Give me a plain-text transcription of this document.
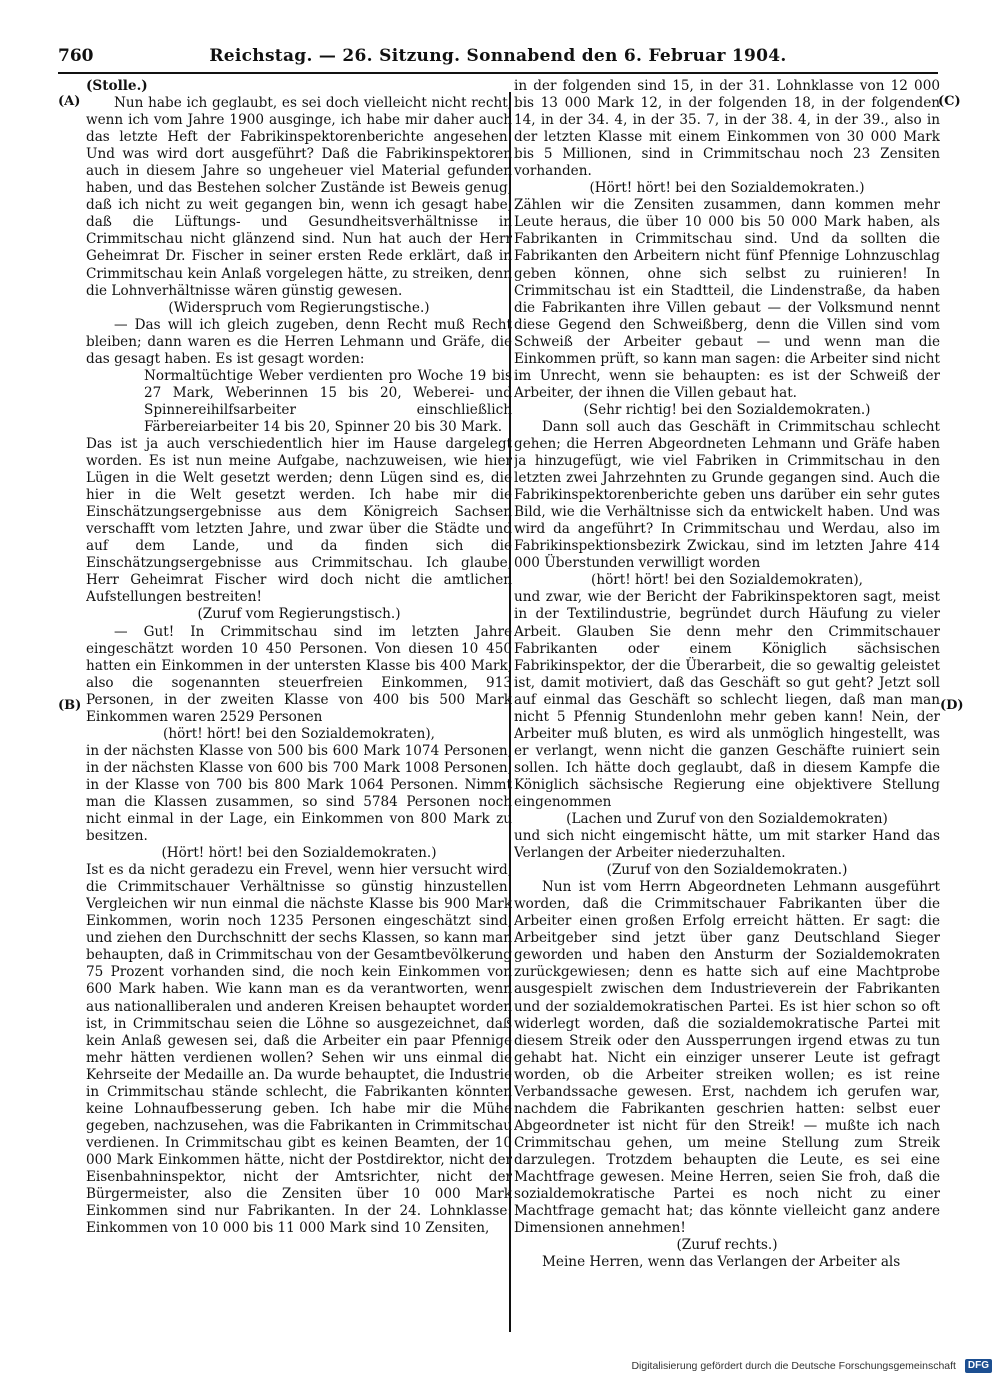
760	Reichstag. — 26. Sitzung. Sonnabend den 6. Februar 1904.
(A)
(B)
(C)
(D)

(Stolle.)

Nun habe ich geglaubt, es sei doch vielleicht nicht recht, wenn ich vom Jahre 1900 ausginge, ich habe mir daher auch das letzte Heft der Fabrikinspektorenberichte angesehen. Und was wird dort ausgeführt? Daß die Fabrikinspektoren auch in diesem Jahre so ungeheuer viel Material gefunden haben, und das Bestehen solcher Zustände ist Beweis genug, daß ich nicht zu weit gegangen bin, wenn ich gesagt habe, daß die Lüftungs- und Gesundheitsverhältnisse in Crimmitschau nicht glänzend sind. Nun hat auch der Herr Geheimrat Dr. Fischer in seiner ersten Rede erklärt, daß in Crimmitschau kein Anlaß vorgelegen hätte, zu streiken, denn die Lohnverhältnisse wären günstig gewesen.

(Widerspruch vom Regierungstische.)

— Das will ich gleich zugeben, denn Recht muß Recht bleiben; dann waren es die Herren Lehmann und Gräfe, die das gesagt haben. Es ist gesagt worden:

Normaltüchtige Weber verdienten pro Woche 19 bis 27 Mark, Weberinnen 15 bis 20, Weberei- und Spinnereihilfsarbeiter einschließlich Färbereiarbeiter 14 bis 20, Spinner 20 bis 30 Mark.

Das ist ja auch verschiedentlich hier im Hause dargelegt worden. Es ist nun meine Aufgabe, nachzuweisen, wie hier Lügen in die Welt gesetzt werden; denn Lügen sind es, die hier in die Welt gesetzt werden. Ich habe mir die Einschätzungsergebnisse aus dem Königreich Sachsen verschafft vom letzten Jahre, und zwar über die Städte und auf dem Lande, und da finden sich die Einschätzungsergebnisse aus Crimmitschau. Ich glaube, Herr Geheimrat Fischer wird doch nicht die amtlichen Aufstellungen bestreiten!

(Zuruf vom Regierungstisch.)

— Gut! In Crimmitschau sind im letzten Jahre eingeschätzt worden 10 450 Personen. Von diesen 10 450 hatten ein Einkommen in der untersten Klasse bis 400 Mark, also die sogenannten steuerfreien Einkommen, 913 Personen, in der zweiten Klasse von 400 bis 500 Mark Einkommen waren 2529 Personen

(hört! hört! bei den Sozialdemokraten),

in der nächsten Klasse von 500 bis 600 Mark 1074 Personen, in der nächsten Klasse von 600 bis 700 Mark 1008 Personen, in der Klasse von 700 bis 800 Mark 1064 Personen. Nimmt man die Klassen zusammen, so sind 5784 Personen noch nicht einmal in der Lage, ein Einkommen von 800 Mark zu besitzen.

(Hört! hört! bei den Sozialdemokraten.)

Ist es da nicht geradezu ein Frevel, wenn hier versucht wird, die Crimmitschauer Verhältnisse so günstig hinzustellen. Vergleichen wir nun einmal die nächste Klasse bis 900 Mark Einkommen, worin noch 1235 Personen eingeschätzt sind, und ziehen den Durchschnitt der sechs Klassen, so kann man behaupten, daß in Crimmitschau von der Gesamtbevölkerung 75 Prozent vorhanden sind, die noch kein Einkommen von 600 Mark haben. Wie kann man es da verantworten, wenn aus nationalliberalen und anderen Kreisen behauptet worden ist, in Crimmitschau seien die Löhne so ausgezeichnet, daß kein Anlaß gewesen sei, daß die Arbeiter ein paar Pfennige mehr hätten verdienen wollen? Sehen wir uns einmal die Kehrseite der Medaille an. Da wurde behauptet, die Industrie in Crimmitschau stände schlecht, die Fabrikanten könnten keine Lohnaufbesserung geben. Ich habe mir die Mühe gegeben, nachzusehen, was die Fabrikanten in Crimmitschau verdienen. In Crimmitschau gibt es keinen Beamten, der 10 000 Mark Einkommen hätte, nicht der Postdirektor, nicht der Eisenbahninspektor, nicht der Amtsrichter, nicht der Bürgermeister, also die Zensiten über 10 000 Mark Einkommen sind nur Fabrikanten. In der 24. Lohnklasse: Einkommen von 10 000 bis 11 000 Mark sind 10 Zensiten,

in der folgenden sind 15, in der 31. Lohnklasse von 12 000 bis 13 000 Mark 12, in der folgenden 18, in der folgenden 14, in der 34. 4, in der 35. 7, in der 38. 4, in der 39., also in der letzten Klasse mit einem Einkommen von 30 000 Mark bis 5 Millionen, sind in Crimmitschau noch 23 Zensiten vorhanden.

(Hört! hört! bei den Sozialdemokraten.)

Zählen wir die Zensiten zusammen, dann kommen mehr Leute heraus, die über 10 000 bis 50 000 Mark haben, als Fabrikanten in Crimmitschau sind. Und da sollten die Fabrikanten den Arbeitern nicht fünf Pfennige Lohnzuschlag geben können, ohne sich selbst zu ruinieren! In Crimmitschau ist ein Stadtteil, die Lindenstraße, da haben die Fabrikanten ihre Villen gebaut — der Volksmund nennt diese Gegend den Schweißberg, denn die Villen sind vom Schweiß der Arbeiter gebaut — und wenn man die Einkommen prüft, so kann man sagen: die Arbeiter sind nicht im Unrecht, wenn sie behaupten: es ist der Schweiß der Arbeiter, der ihnen die Villen gebaut hat.

(Sehr richtig! bei den Sozialdemokraten.)

Dann soll auch das Geschäft in Crimmitschau schlecht gehen; die Herren Abgeordneten Lehmann und Gräfe haben ja hinzugefügt, wie viel Fabriken in Crimmitschau in den letzten zwei Jahrzehnten zu Grunde gegangen sind. Auch die Fabrikinspektorenberichte geben uns darüber ein sehr gutes Bild, wie die Verhältnisse sich da entwickelt haben. Und was wird da angeführt? In Crimmitschau und Werdau, also im Fabrikinspektionsbezirk Zwickau, sind im letzten Jahre 414 000 Überstunden verwilligt worden

(hört! hört! bei den Sozialdemokraten),

und zwar, wie der Bericht der Fabrikinspektoren sagt, meist in der Textilindustrie, begründet durch Häufung zu vieler Arbeit. Glauben Sie denn mehr den Crimmitschauer Fabrikanten oder einem Königlich sächsischen Fabrikinspektor, der die Überarbeit, die so gewaltig geleistet ist, damit motiviert, daß das Geschäft so gut geht? Jetzt soll auf einmal das Geschäft so schlecht liegen, daß man man nicht 5 Pfennig Stundenlohn mehr geben kann! Nein, der Arbeiter muß bluten, es wird als unmöglich hingestellt, was er verlangt, wenn nicht die ganzen Geschäfte ruiniert sein sollen. Ich hätte doch geglaubt, daß in diesem Kampfe die Königlich sächsische Regierung eine objektivere Stellung eingenommen

(Lachen und Zuruf von den Sozialdemokraten)

und sich nicht eingemischt hätte, um mit starker Hand das Verlangen der Arbeiter niederzuhalten.

(Zuruf von den Sozialdemokraten.)

Nun ist vom Herrn Abgeordneten Lehmann ausgeführt worden, daß die Crimmitschauer Fabrikanten über die Arbeiter einen großen Erfolg erreicht hätten. Er sagt: die Arbeitgeber sind jetzt über ganz Deutschland Sieger geworden und haben den Ansturm der Sozialdemokraten zurückgewiesen; denn es hatte sich auf eine Machtprobe ausgespielt zwischen dem Industrieverein der Fabrikanten und der sozialdemokratischen Partei. Es ist hier schon so oft widerlegt worden, daß die sozialdemokratische Partei mit diesem Streik oder den Aussperrungen irgend etwas zu tun gehabt hat. Nicht ein einziger unserer Leute ist gefragt worden, ob die Arbeiter streiken wollen; es ist reine Verbandssache gewesen. Erst, nachdem ich gerufen war, nachdem die Fabrikanten geschrien hatten: selbst euer Abgeordneter ist nicht für den Streik! — mußte ich nach Crimmitschau gehen, um meine Stellung zum Streik darzulegen. Trotzdem behaupten die Leute, es sei eine Machtfrage gewesen. Meine Herren, seien Sie froh, daß die sozialdemokratische Partei es noch nicht zu einer Machtfrage gemacht hat; das könnte vielleicht ganz andere Dimensionen annehmen!

(Zuruf rechts.)

Meine Herren, wenn das Verlangen der Arbeiter als

Digitalisierung gefördert durch die Deutsche Forschungsgemeinschaft DFG
